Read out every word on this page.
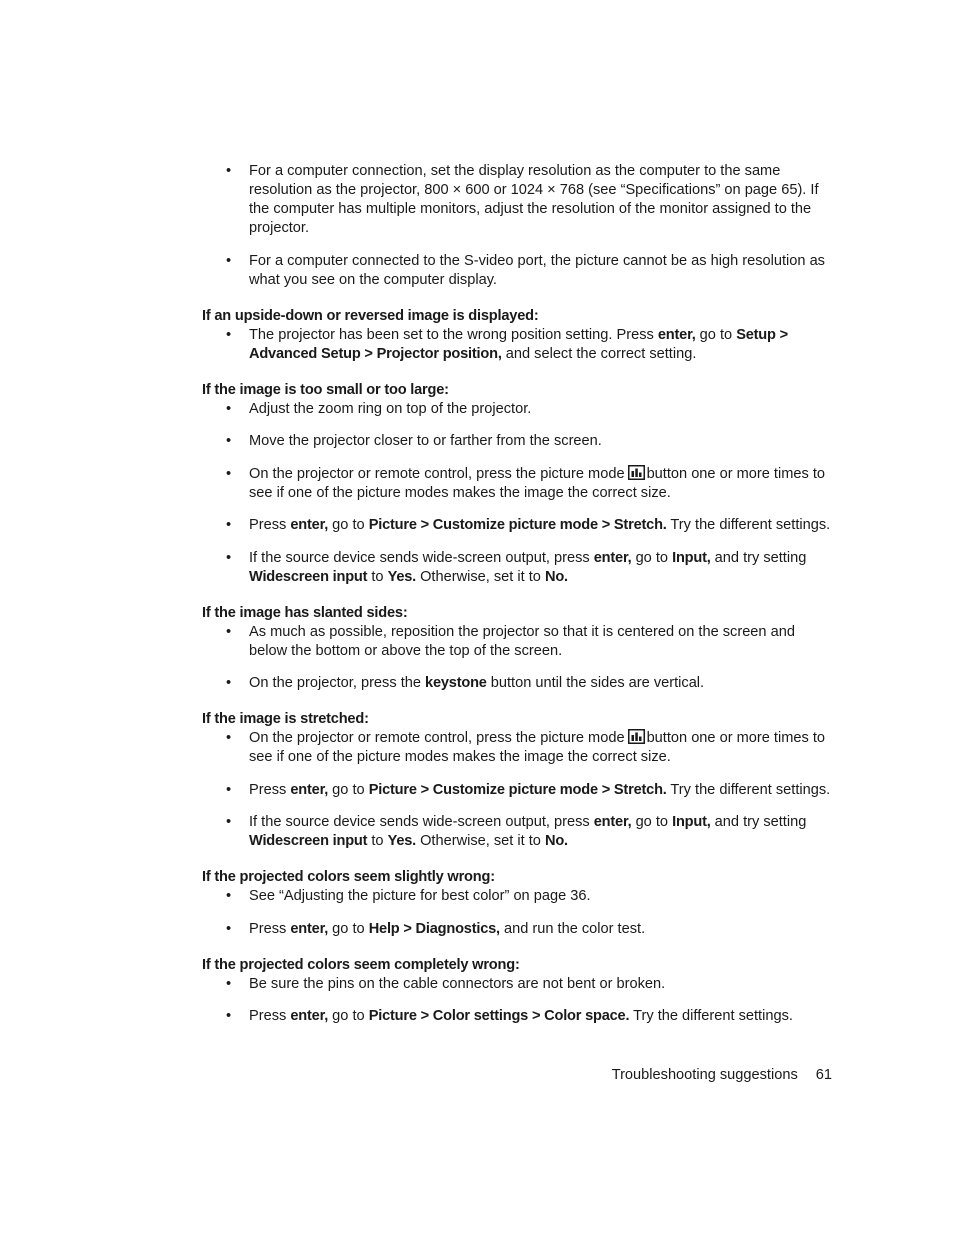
•	For a computer connection, set the display resolution as the computer to the same resolution as the projector, 800 × 600 or 1024 × 768 (see “Specifications” on page 65). If the computer has multiple monitors, adjust the resolution of the monitor assigned to the projector.
•	For a computer connected to the S-video port, the picture cannot be as high resolution as what you see on the computer display.
If an upside-down or reversed image is displayed:
•	The projector has been set to the wrong position setting. Press enter, go to Setup > Advanced Setup > Projector position, and select the correct setting.
If the image is too small or too large:
•	Adjust the zoom ring on top of the projector.
•	Move the projector closer to or farther from the screen.
•	On the projector or remote control, press the picture mode button one or more times to see if one of the picture modes makes the image the correct size.
•	Press enter, go to Picture > Customize picture mode > Stretch. Try the different settings.
•	If the source device sends wide-screen output, press enter, go to Input, and try setting Widescreen input to Yes. Otherwise, set it to No.
If the image has slanted sides:
•	As much as possible, reposition the projector so that it is centered on the screen and below the bottom or above the top of the screen.
•	On the projector, press the keystone button until the sides are vertical.
If the image is stretched:
•	On the projector or remote control, press the picture mode button one or more times to see if one of the picture modes makes the image the correct size.
•	Press enter, go to Picture > Customize picture mode > Stretch. Try the different settings.
•	If the source device sends wide-screen output, press enter, go to Input, and try setting Widescreen input to Yes. Otherwise, set it to No.
If the projected colors seem slightly wrong:
•	See “Adjusting the picture for best color” on page 36.
•	Press enter, go to Help > Diagnostics, and run the color test.
If the projected colors seem completely wrong:
•	Be sure the pins on the cable connectors are not bent or broken.
•	Press enter, go to Picture > Color settings > Color space. Try the different settings.
Troubleshooting suggestions 61
